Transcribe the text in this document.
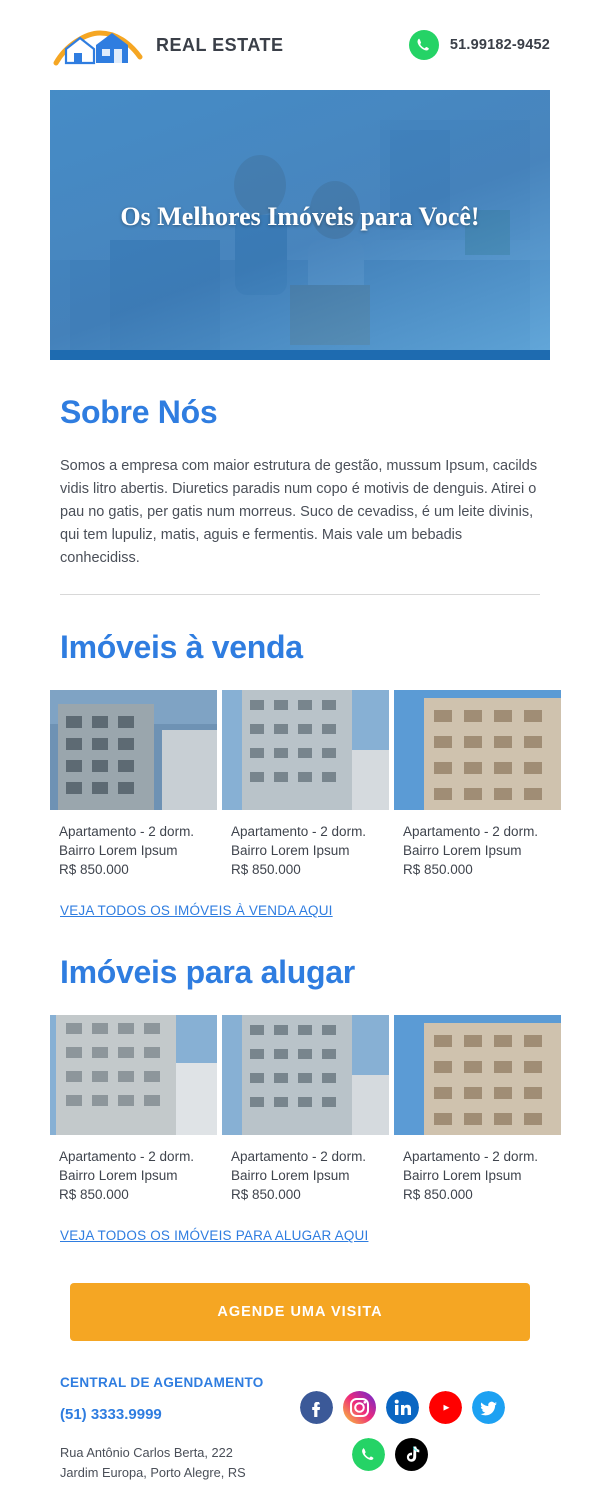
REAL ESTATE	51.99182-9452
Os Melhores Imóveis para Você!
Sobre Nós

Somos a empresa com maior estrutura de gestão, mussum Ipsum, cacilds vidis litro abertis. Diuretics paradis num copo é motivis de denguis. Atirei o pau no gatis, per gatis num morreus. Suco de cevadiss, é um leite divinis, qui tem lupuliz, matis, aguis e fermentis. Mais vale um bebadis conhecidiss.

Imóveis à venda
Apartamento - 2 dorm.
Bairro Lorem Ipsum
R$ 850.000
Apartamento - 2 dorm.
Bairro Lorem Ipsum
R$ 850.000
Apartamento - 2 dorm.
Bairro Lorem Ipsum
R$ 850.000
VEJA TODOS OS IMÓVEIS À VENDA AQUI
Imóveis para alugar
Apartamento - 2 dorm.
Bairro Lorem Ipsum
R$ 850.000
Apartamento - 2 dorm.
Bairro Lorem Ipsum
R$ 850.000
Apartamento - 2 dorm.
Bairro Lorem Ipsum
R$ 850.000
VEJA TODOS OS IMÓVEIS PARA ALUGAR AQUI
AGENDE UMA VISITA
CENTRAL DE AGENDAMENTO
(51) 3333.9999
Rua Antônio Carlos Berta, 222
Jardim Europa, Porto Alegre, RS
